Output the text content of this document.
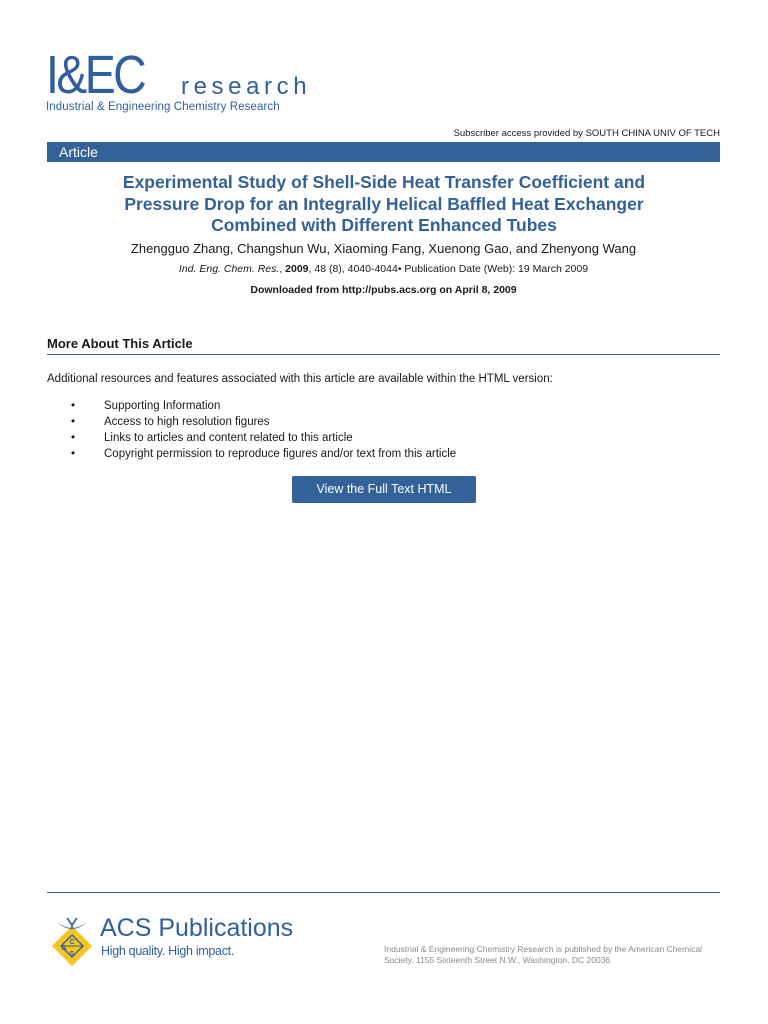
I&EC research
Industrial & Engineering Chemistry Research
Subscriber access provided by SOUTH CHINA UNIV OF TECH
Article
Experimental Study of Shell-Side Heat Transfer Coefficient and Pressure Drop for an Integrally Helical Baffled Heat Exchanger Combined with Different Enhanced Tubes
Zhengguo Zhang, Changshun Wu, Xiaoming Fang, Xuenong Gao, and Zhenyong Wang
Ind. Eng. Chem. Res., 2009, 48 (8), 4040-4044• Publication Date (Web): 19 March 2009
Downloaded from http://pubs.acs.org on April 8, 2009
More About This Article
Additional resources and features associated with this article are available within the HTML version:
•	Supporting Information
•	Access to high resolution figures
•	Links to articles and content related to this article
•	Copyright permission to reproduce figures and/or text from this article
View the Full Text HTML
A
C
S
ACS Publications
High quality. High impact.	Industrial & Engineering Chemistry Research is published by the American Chemical Society. 1155 Sixteenth Street N.W., Washington, DC 20036
